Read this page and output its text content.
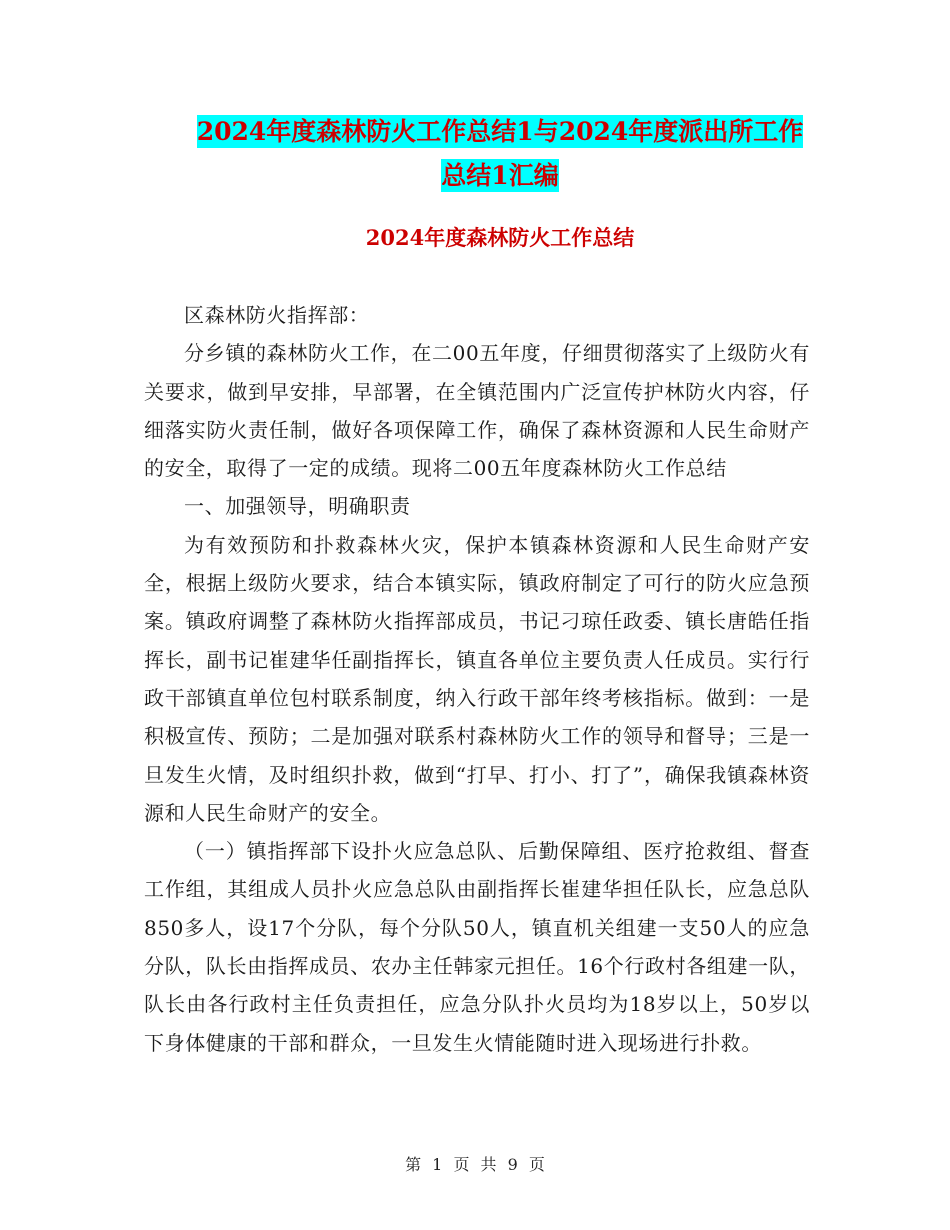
2024年度森林防火工作总结1与2024年度派出所工作
总结1汇编
2024年度森林防火工作总结

区森林防火指挥部：

分乡镇的森林防火工作，在二00五年度，仔细贯彻落实了上级防火有关要求，做到早安排，早部署，在全镇范围内广泛宣传护林防火内容，仔细落实防火责任制，做好各项保障工作，确保了森林资源和人民生命财产的安全，取得了一定的成绩。现将二00五年度森林防火工作总结

一、加强领导，明确职责

为有效预防和扑救森林火灾，保护本镇森林资源和人民生命财产安全，根据上级防火要求，结合本镇实际，镇政府制定了可行的防火应急预案。镇政府调整了森林防火指挥部成员，书记刁琼任政委、镇长唐皓任指挥长，副书记崔建华任副指挥长，镇直各单位主要负责人任成员。实行行政干部镇直单位包村联系制度，纳入行政干部年终考核指标。做到：一是积极宣传、预防；二是加强对联系村森林防火工作的领导和督导；三是一旦发生火情，及时组织扑救，做到“打早、打小、打了”，确保我镇森林资源和人民生命财产的安全。

（一）镇指挥部下设扑火应急总队、后勤保障组、医疗抢救组、督查工作组，其组成人员扑火应急总队由副指挥长崔建华担任队长，应急总队850多人，设17个分队，每个分队50人，镇直机关组建一支50人的应急分队，队长由指挥成员、农办主任韩家元担任。16个行政村各组建一队，队长由各行政村主任负责担任，应急分队扑火员均为18岁以上，50岁以下身体健康的干部和群众，一旦发生火情能随时进入现场进行扑救。

第 1 页 共 9 页
